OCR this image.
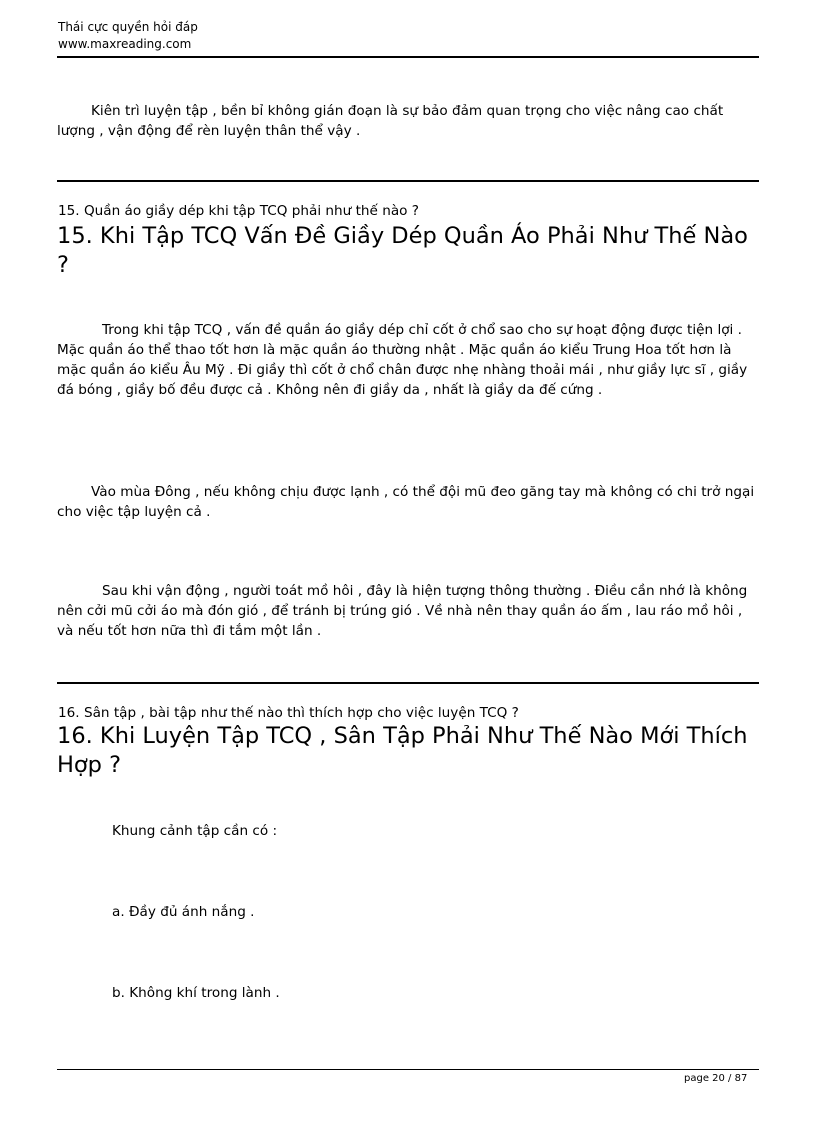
Thái cực quyền hỏi đáp
www.maxreading.com
Kiên trì luyện tập , bền bỉ không gián đoạn là sự bảo đảm quan trọng cho việc nâng cao chất lượng , vận động để rèn luyện thân thể vậy .
15. Quần áo giầy dép khi tập TCQ phải như thế nào ?
15. Khi Tập TCQ Vấn Đề Giầy Dép Quần Áo Phải Như Thế Nào ?
Trong khi tập TCQ , vấn đề quần áo giầy dép chỉ cốt ở chổ sao cho sự hoạt động được tiện lợi . Mặc quần áo thể thao tốt hơn là mặc quần áo thường nhật . Mặc quần áo kiểu Trung Hoa tốt hơn là mặc quần áo kiểu Âu Mỹ . Đi giầy thì cốt ở chổ chân được nhẹ nhàng thoải mái , như giầy lực sĩ , giầy đá bóng , giầy bố đều được cả . Không nên đi giầy da , nhất là giầy da đế cứng .
Vào mùa Đông , nếu không chịu được lạnh , có thể đội mũ đeo găng tay mà không có chi trở ngại cho việc tập luyện cả .
Sau khi vận động , người toát mồ hôi , đây là hiện tượng thông thường . Điều cần nhớ là không nên cởi mũ cởi áo mà đón gió , để tránh bị trúng gió . Về nhà nên thay quần áo ấm , lau ráo mồ hôi , và nếu tốt hơn nữa thì đi tắm một lần .
16. Sân tập , bài tập như thế nào thì thích hợp cho việc luyện TCQ ?
16. Khi Luyện Tập TCQ , Sân Tập Phải Như Thế Nào Mới Thích Hợp ?
Khung cảnh tập cần có :
a. Đầy đủ ánh nắng .
b. Không khí trong lành .
page 20 / 87
